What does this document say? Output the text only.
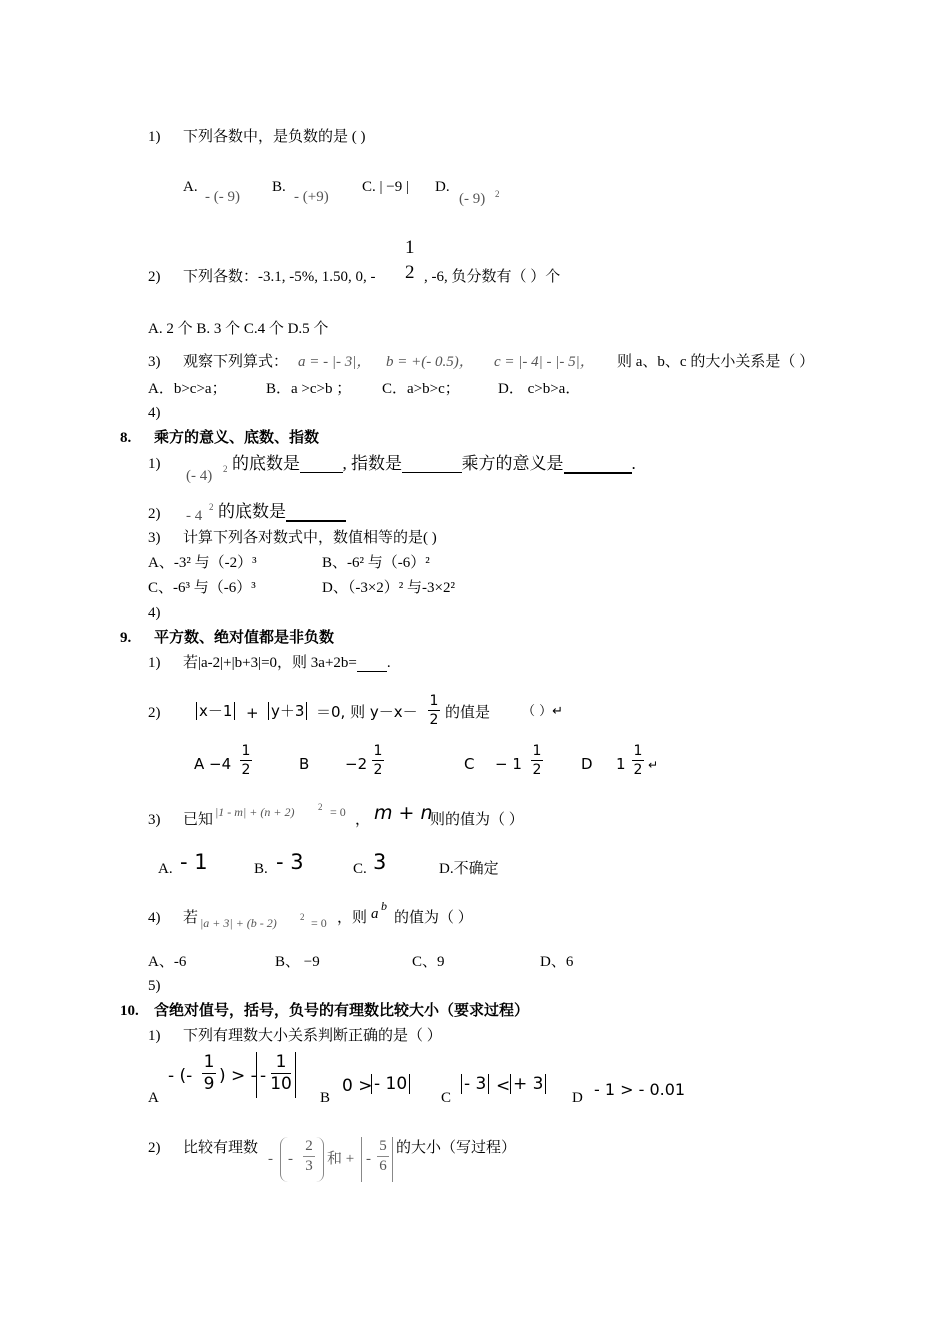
1) 下列各数中，是负数的是 ( )
A.
- (- 9)
B.
- (+9)
C. | −9 | D.
(- 9) 2
2) 下列各数：-3.1, -5%, 1.50, 0, -
1
2 , -6, 负分数有（ ）个
A. 2 个 B. 3 个 C.4 个 D.5 个
3) 观察下列算式： a = - |- 3|， b = +(- 0.5)， c = |- 4| - |- 5|， 则 a、b、c 的大小关系是（ ）
A．b>c>a；	B．a >c>b ； C．a>b>c；	D． c>b>a．
4)
8. 乘方的意义、底数、指数
1)
(- 4) 2 的底数是	, 指数是	乘方的意义是	.
2) - 4
2 的底数是
3) 计算下列各对数式中，数值相等的是( )
A、-3² 与（-2）³	B、-6² 与（-6）²
C、-6³ 与（-6）³	D、（-3×2）² 与-3×2²
4)
9. 平方数、绝对值都是非负数
1) 若|a-2|+|b+3|=0，则 3a+2b= .
2)	x－1 + y＋3 ＝0, 则 y－x－
1
2 的值是 （ ）↵
A −4
1
2	B −2
1
2	C − 1
1
2	D 1
1
2 ↵
3) 已知 |1 - m| + (n + 2)	2 = 0 ， m + n
则的值为（ ）
A. - 1	B. - 3	C. 3	D.不确定
4) 若 |a + 3| + (b - 2)	2 = 0 ，则 a b
的值为（ ）
A、-6	B、 −9	C、9	D、6
5)
10. 含绝对值号，括号，负号的有理数比较大小（要求过程）
1) 下列有理数大小关系判断正确的是（ ）
A
- (-
1
9 ) > - -
1
10
B
0 > - 10
C
- 3 < + 3
D - 1 > - 0.01
2) 比较有理数
- -
2
3 和 + -
5
6
的大小（写过程）
